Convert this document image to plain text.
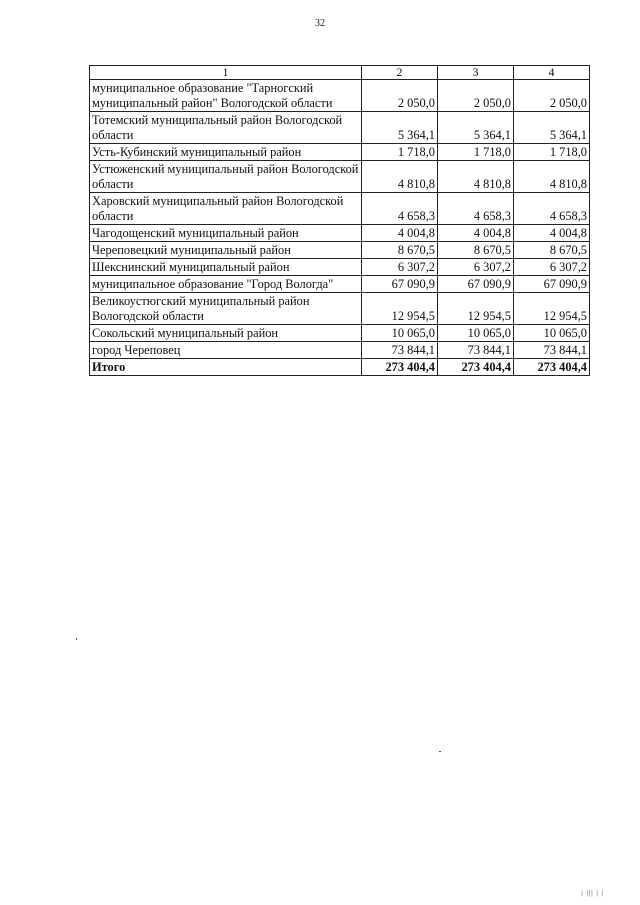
32
1	2	3	4
муниципальное образование "Тарногский муниципальный район" Вологодской области	2 050,0	2 050,0	2 050,0
Тотемский муниципальный район Вологодской области	5 364,1	5 364,1	5 364,1
Усть-Кубинский муниципальный район	1 718,0	1 718,0	1 718,0
Устюженский муниципальный район Вологодской области	4 810,8	4 810,8	4 810,8
Харовский муниципальный район Вологодской области	4 658,3	4 658,3	4 658,3
Чагодощенский муниципальный район	4 004,8	4 004,8	4 004,8
Череповецкий муниципальный район	8 670,5	8 670,5	8 670,5
Шекснинский муниципальный район	6 307,2	6 307,2	6 307,2
муниципальное образование "Город Вологда"	67 090,9	67 090,9	67 090,9
Великоустюгский муниципальный район Вологодской области	12 954,5	12 954,5	12 954,5
Сокольский муниципальный район	10 065,0	10 065,0	10 065,0
город Череповец	73 844,1	73 844,1	73 844,1
Итого	273 404,4	273 404,4	273 404,4
| ||| | |
